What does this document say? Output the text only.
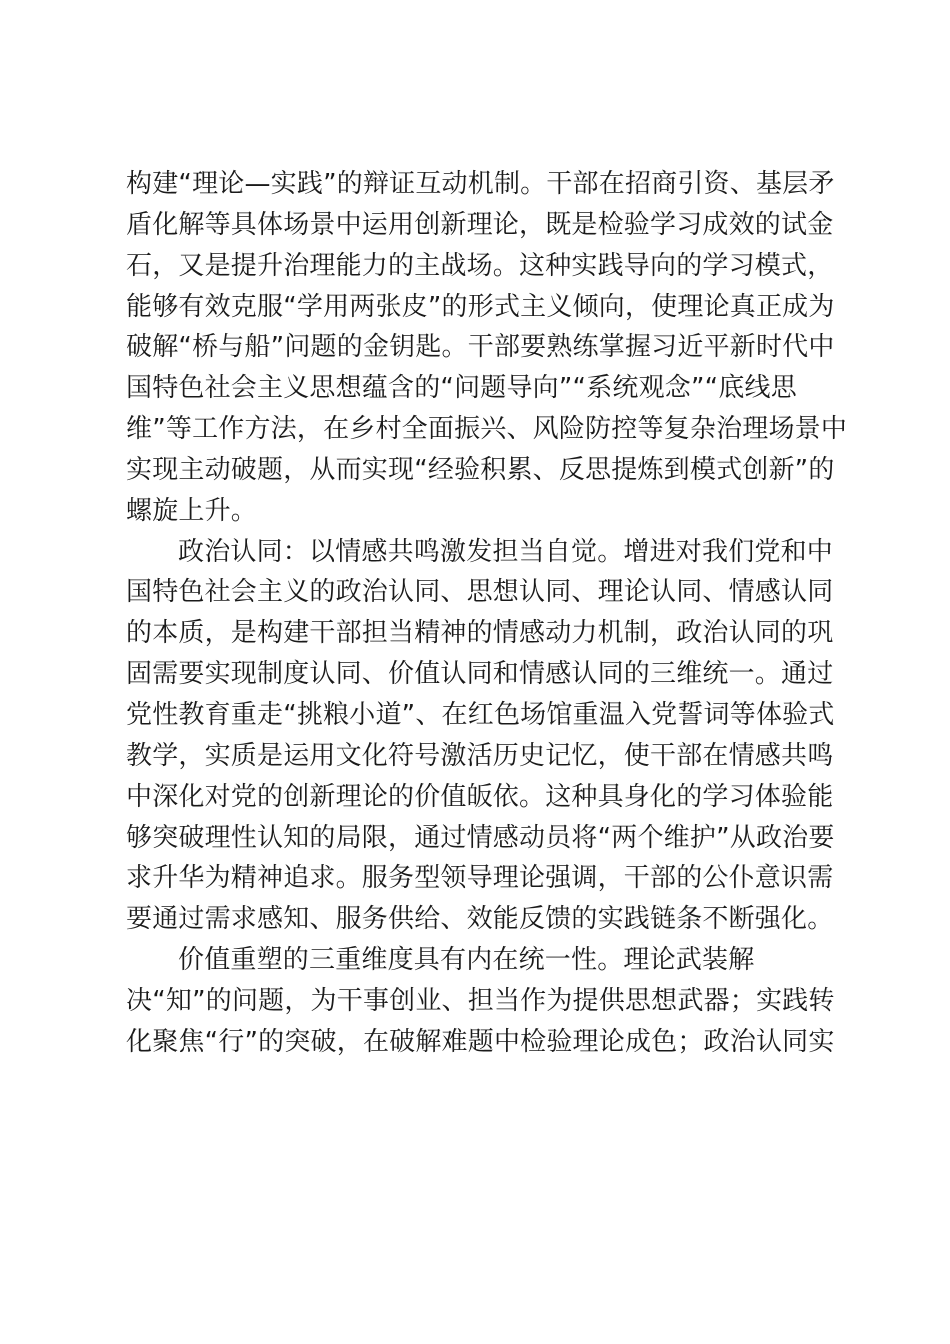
构建“理论—实践”的辩证互动机制。干部在招商引资、基层矛
盾化解等具体场景中运用创新理论，既是检验学习成效的试金
石，又是提升治理能力的主战场。这种实践导向的学习模式，
能够有效克服“学用两张皮”的形式主义倾向，使理论真正成为
破解“桥与船”问题的金钥匙。干部要熟练掌握习近平新时代中
国特色社会主义思想蕴含的“问题导向”“系统观念”“底线思
维”等工作方法，在乡村全面振兴、风险防控等复杂治理场景中
实现主动破题，从而实现“经验积累、反思提炼到模式创新”的
螺旋上升。
政治认同：以情感共鸣激发担当自觉。增进对我们党和中
国特色社会主义的政治认同、思想认同、理论认同、情感认同
的本质，是构建干部担当精神的情感动力机制，政治认同的巩
固需要实现制度认同、价值认同和情感认同的三维统一。通过
党性教育重走“挑粮小道”、在红色场馆重温入党誓词等体验式
教学，实质是运用文化符号激活历史记忆，使干部在情感共鸣
中深化对党的创新理论的价值皈依。这种具身化的学习体验能
够突破理性认知的局限，通过情感动员将“两个维护”从政治要
求升华为精神追求。服务型领导理论强调，干部的公仆意识需
要通过需求感知、服务供给、效能反馈的实践链条不断强化。
价值重塑的三重维度具有内在统一性。理论武装解
决“知”的问题，为干事创业、担当作为提供思想武器；实践转
化聚焦“行”的突破，在破解难题中检验理论成色；政治认同实
